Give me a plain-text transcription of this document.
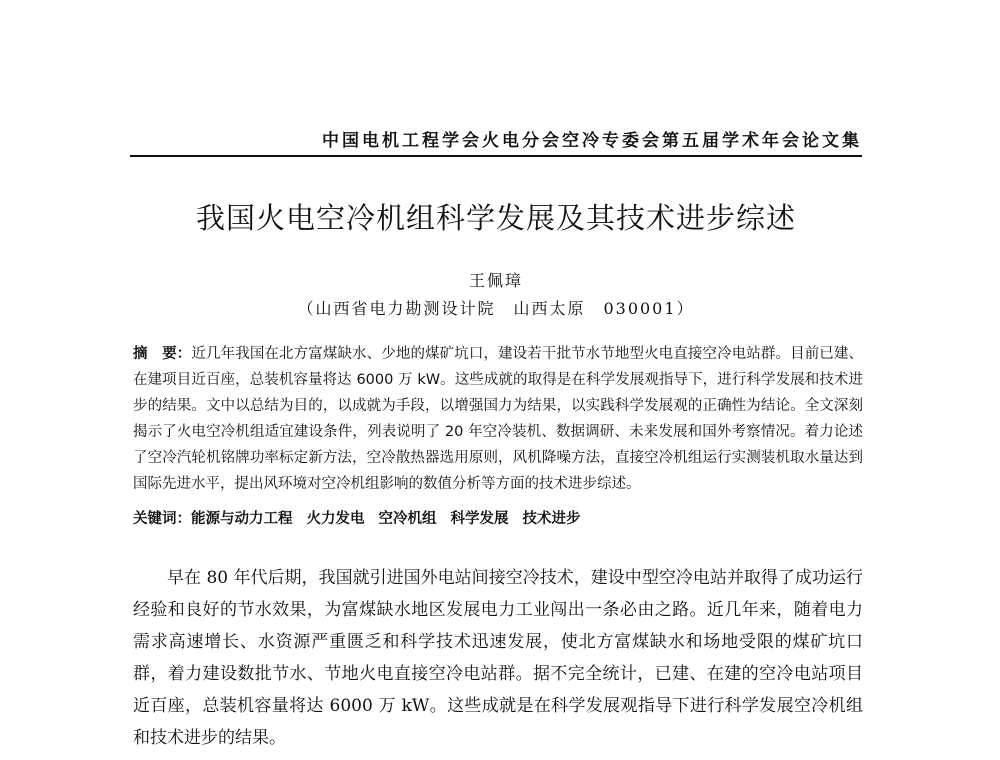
中国电机工程学会火电分会空冷专委会第五届学术年会论文集
我国火电空冷机组科学发展及其技术进步综述
王佩璋
（山西省电力勘测设计院　山西太原　030001）

摘　要：近几年我国在北方富煤缺水、少地的煤矿坑口，建设若干批节水节地型火电直接空冷电站群。目前已建、在建项目近百座，总装机容量将达 6000 万 kW。这些成就的取得是在科学发展观指导下，进行科学发展和技术进步的结果。文中以总结为目的，以成就为手段，以增强国力为结果，以实践科学发展观的正确性为结论。全文深刻揭示了火电空冷机组适宜建设条件，列表说明了 20 年空冷装机、数据调研、未来发展和国外考察情况。着力论述了空冷汽轮机铭牌功率标定新方法，空冷散热器选用原则，风机降噪方法，直接空冷机组运行实测装机取水量达到国际先进水平，提出风环境对空冷机组影响的数值分析等方面的技术进步综述。

关键词：能源与动力工程 火力发电 空冷机组 科学发展 技术进步

早在 80 年代后期，我国就引进国外电站间接空冷技术，建设中型空冷电站并取得了成功运行经验和良好的节水效果，为富煤缺水地区发展电力工业闯出一条必由之路。近几年来，随着电力需求高速增长、水资源严重匮乏和科学技术迅速发展，使北方富煤缺水和场地受限的煤矿坑口群，着力建设数批节水、节地火电直接空冷电站群。据不完全统计，已建、在建的空冷电站项目近百座，总装机容量将达 6000 万 kW。这些成就是在科学发展观指导下进行科学发展空冷机组和技术进步的结果。
